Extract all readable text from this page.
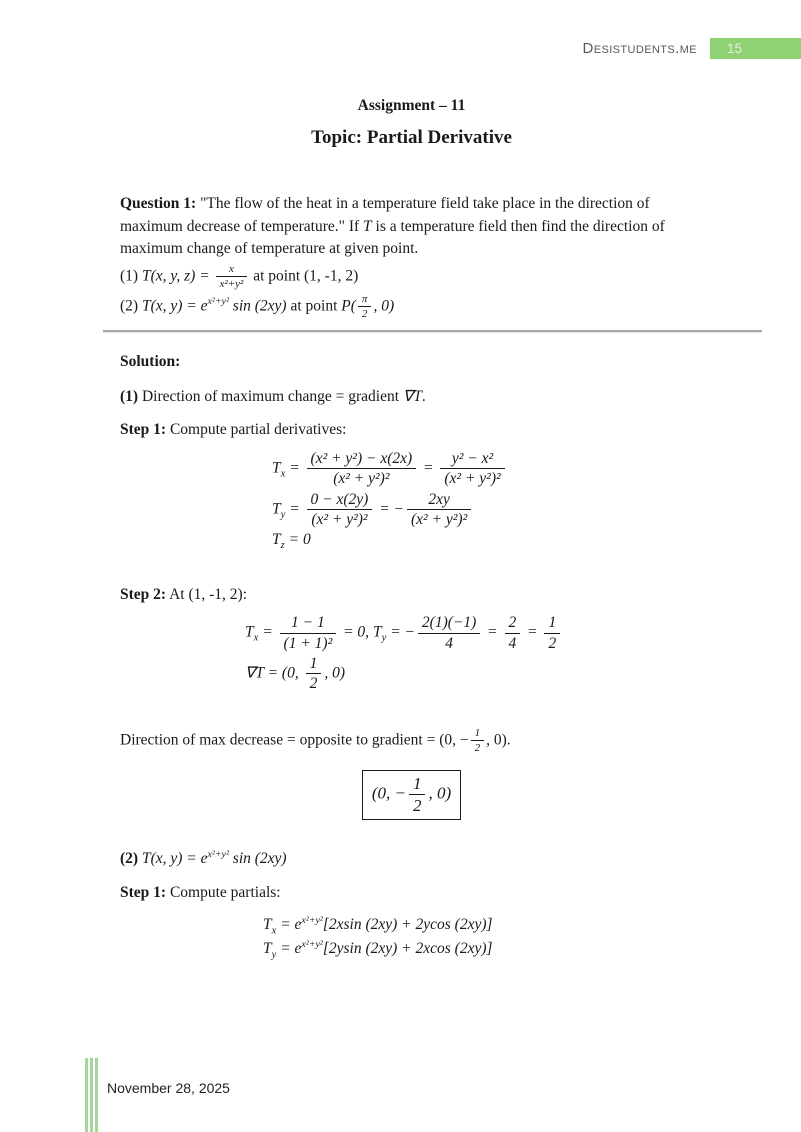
Desistudents.me	15
Assignment – 11
Topic: Partial Derivative

Question 1: "The flow of the heat in a temperature field take place in the direction of maximum decrease of temperature." If T is a temperature field then find the direction of maximum change of temperature at given point.

(1) T(x, y, $z) = \frac{x}{\text{x²+y²}}$ at point (1, -1, 2)
(2) T(x, $y) = e^{x^2+y^2}$ sin (2xy) at point $P( \frac{\pi}{2}$ , 0)

Solution:

(1) Direction of maximum change = gradient ∇T.

Step 1: Compute partial derivatives:

$T_x = \frac{\text{(x² + y²) − x(2x)}}{\text{(x² + y²)²}} = \frac{\text{y² − x²}}{\text{(x² + y²)²}}$
$T_y = \frac{0 - x(2y)}{\text{(x² + y²)²}}$ = − $\frac{2xy}{\text{(x² + y²)²}}$
$T_z = 0$

Step 2: At (1, -1, 2):

$T_x = \frac{1 - 1}{\text{(1 + 1)²}} = 0$, $T_y$ = − $\frac{2(1)(-1)}{4} = \frac{2}{4} = \frac{1}{2}$
∇T = (0, $\frac{1}{2}$ , 0)

Direction of max decrease = opposite to gradient = (0, − $\frac{1}{2}$ , 0).

(0, − $\frac{1}{2}$ , 0)

(2) T(x, $y) = e^{x^2+y^2}$ sin (2xy)

Step 1: Compute partials:

$T_x = e^{x^2+y^2}[2xsin$ (2xy) + 2ycos (2xy)]
$T_y = e^{x^2+y^2}[2ysin$ (2xy) + 2xcos (2xy)]
November 28, 2025
